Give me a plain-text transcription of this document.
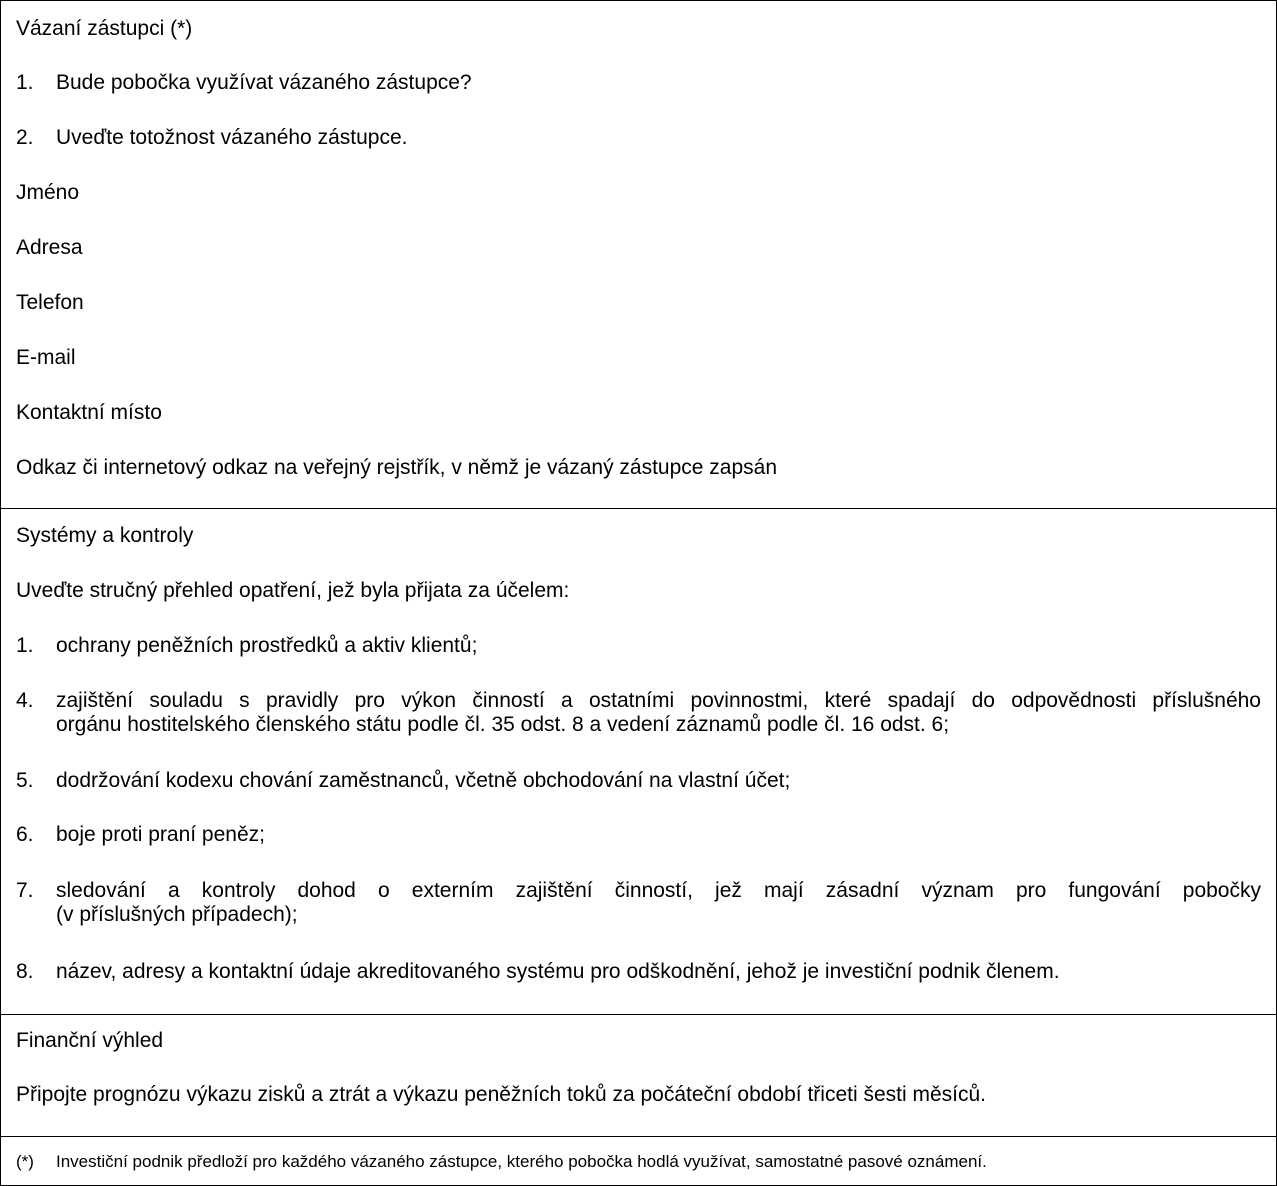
Vázaní zástupci (*)
1. Bude pobočka využívat vázaného zástupce?
2. Uveďte totožnost vázaného zástupce.
Jméno
Adresa
Telefon
E-mail
Kontaktní místo
Odkaz či internetový odkaz na veřejný rejstřík, v němž je vázaný zástupce zapsán
Systémy a kontroly
Uveďte stručný přehled opatření, jež byla přijata za účelem:
1. ochrany peněžních prostředků a aktiv klientů;
4. zajištění souladu s pravidly pro výkon činností a ostatními povinnostmi, které spadají do odpovědnosti příslušného
orgánu hostitelského členského státu podle čl. 35 odst. 8 a vedení záznamů podle čl. 16 odst. 6;
5. dodržování kodexu chování zaměstnanců, včetně obchodování na vlastní účet;
6. boje proti praní peněz;
7. sledování a kontroly dohod o externím zajištění činností, jež mají zásadní význam pro fungování pobočky
(v příslušných případech);
8. název, adresy a kontaktní údaje akreditovaného systému pro odškodnění, jehož je investiční podnik členem.
Finanční výhled
Připojte prognózu výkazu zisků a ztrát a výkazu peněžních toků za počáteční období třiceti šesti měsíců.
(*) Investiční podnik předloží pro každého vázaného zástupce, kterého pobočka hodlá využívat, samostatné pasové oznámení.
